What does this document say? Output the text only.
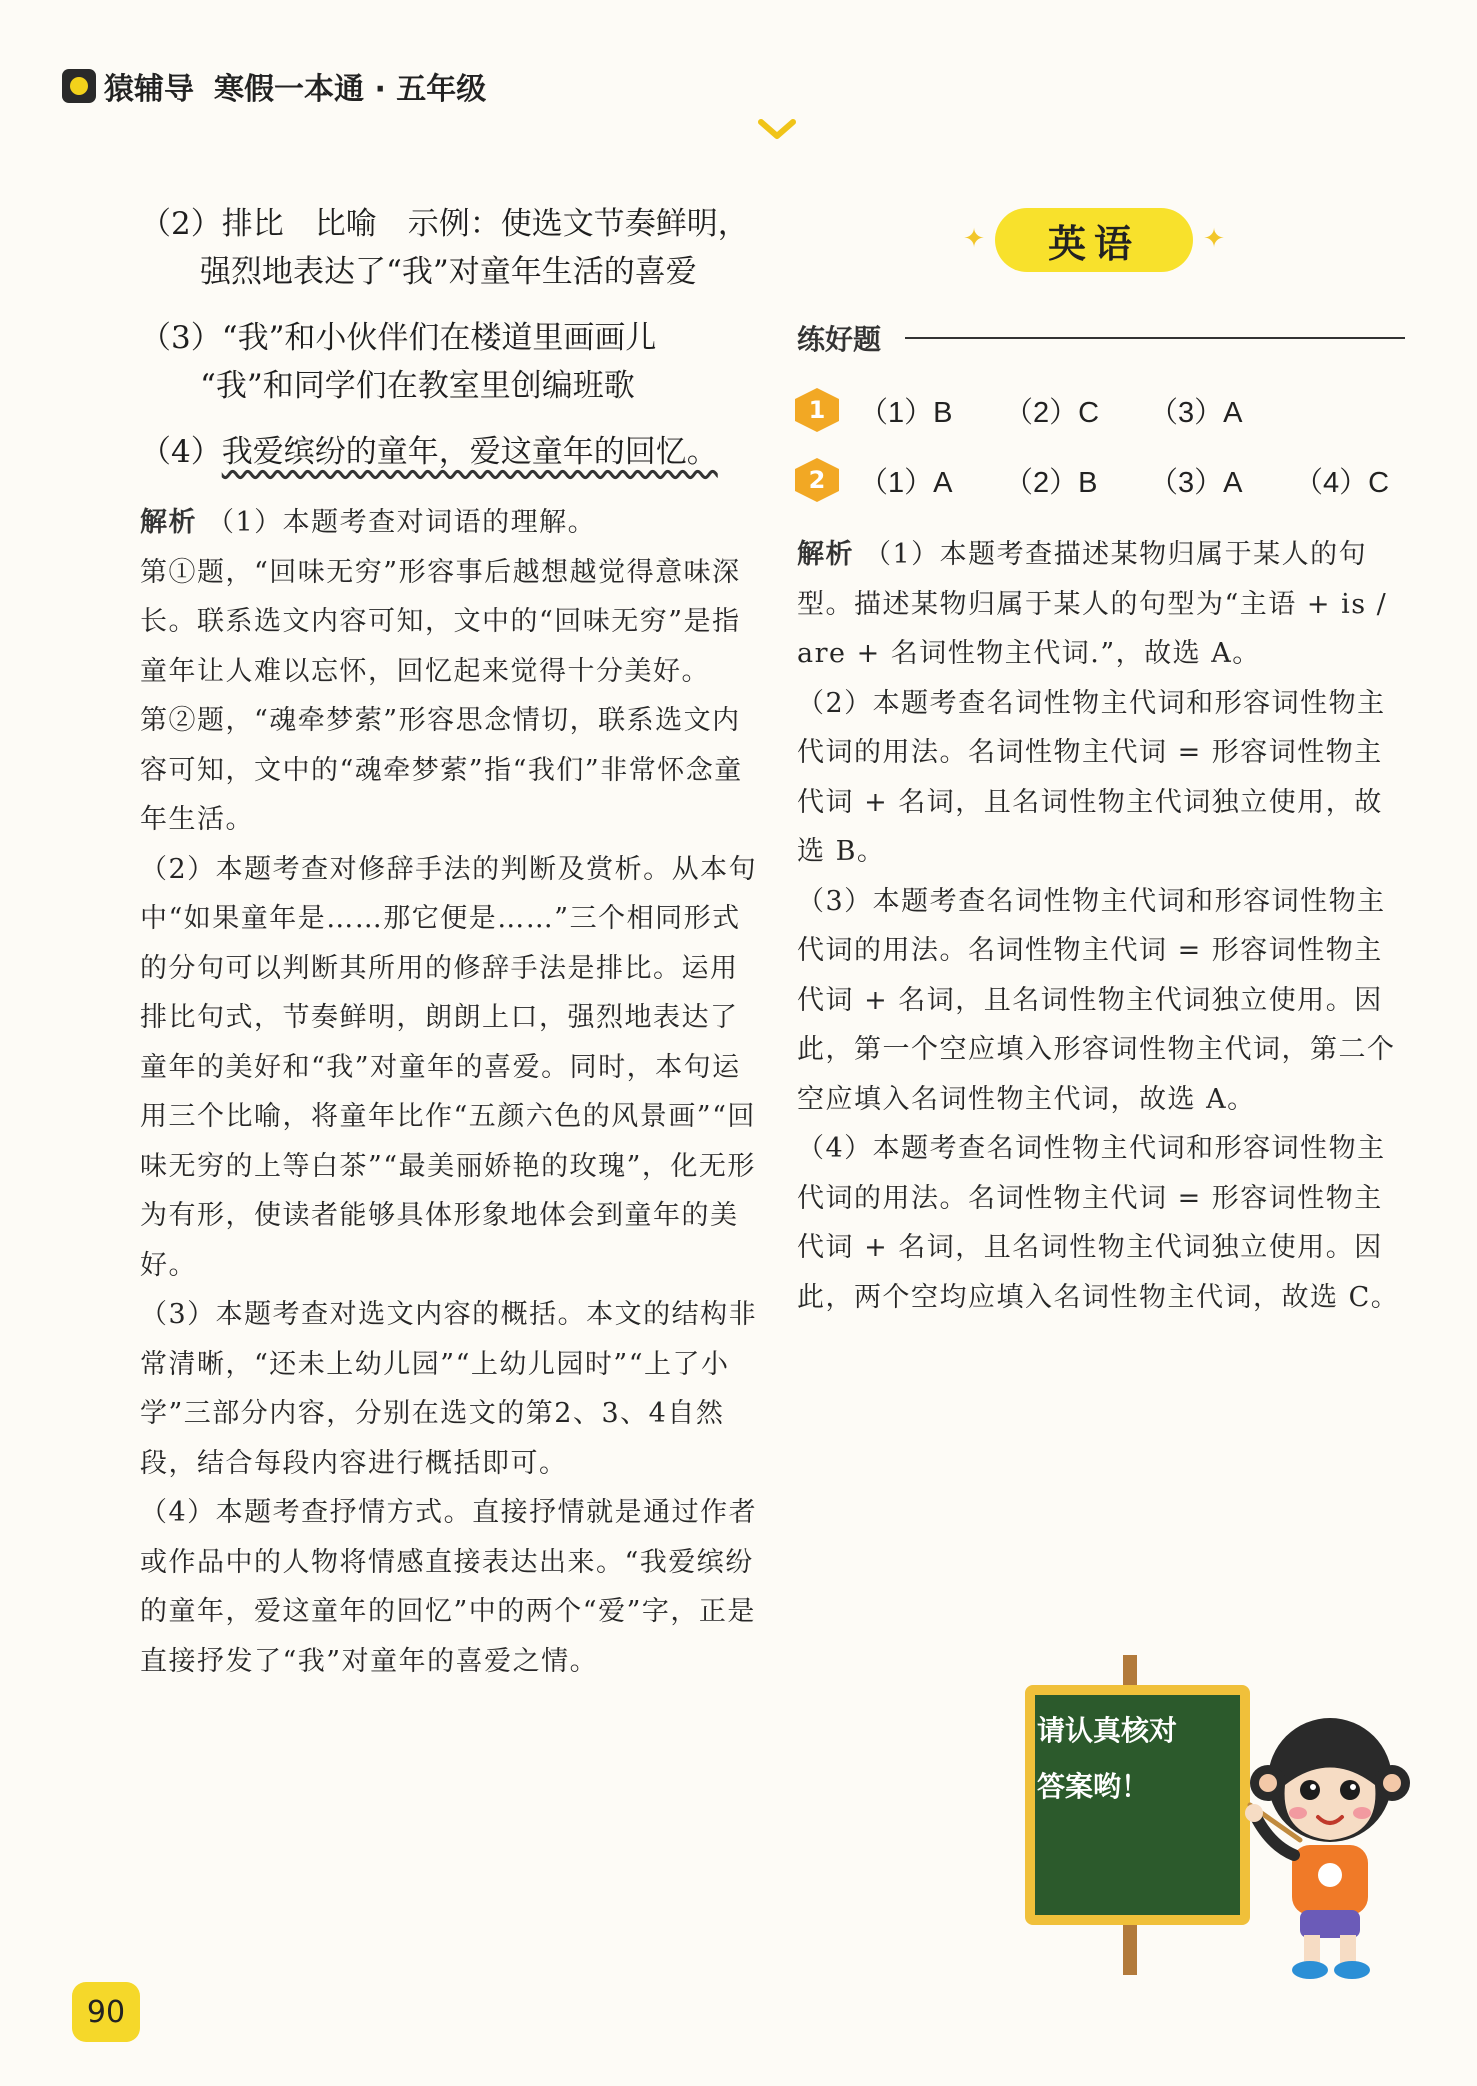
猿辅导 寒假一本通 · 五年级

（2）排比　比喻　示例：使选文节奏鲜明，

强烈地表达了“我”对童年生活的喜爱

（3）“我”和小伙伴们在楼道里画画儿

“我”和同学们在教室里创编班歌

（4）我爱缤纷的童年，爱这童年的回忆。

解析 （1）本题考查对词语的理解。

第①题，“回味无穷”形容事后越想越觉得意味深长。联系选文内容可知，文中的“回味无穷”是指童年让人难以忘怀，回忆起来觉得十分美好。

第②题，“魂牵梦萦”形容思念情切，联系选文内容可知，文中的“魂牵梦萦”指“我们”非常怀念童年生活。

（2）本题考查对修辞手法的判断及赏析。从本句中“如果童年是……那它便是……”三个相同形式的分句可以判断其所用的修辞手法是排比。运用排比句式，节奏鲜明，朗朗上口，强烈地表达了童年的美好和“我”对童年的喜爱。同时，本句运用三个比喻，将童年比作“五颜六色的风景画”“回味无穷的上等白茶”“最美丽娇艳的玫瑰”，化无形为有形，使读者能够具体形象地体会到童年的美好。

（3）本题考查对选文内容的概括。本文的结构非常清晰，“还未上幼儿园”“上幼儿园时”“上了小学”三部分内容，分别在选文的第2、3、4自然段，结合每段内容进行概括即可。

（4）本题考查抒情方式。直接抒情就是通过作者或作品中的人物将情感直接表达出来。“我爱缤纷的童年，爱这童年的回忆”中的两个“爱”字，正是直接抒发了“我”对童年的喜爱之情。

✦	英语	✦
练好题
1	（1）B	（2）C	（3）A
2	（1）A	（2）B	（3）A	（4）C

解析 （1）本题考查描述某物归属于某人的句型。描述某物归属于某人的句型为“主语 + is / are + 名词性物主代词.”，故选 A。

（2）本题考查名词性物主代词和形容词性物主代词的用法。名词性物主代词 = 形容词性物主代词 + 名词，且名词性物主代词独立使用，故选 B。

（3）本题考查名词性物主代词和形容词性物主代词的用法。名词性物主代词 = 形容词性物主代词 + 名词，且名词性物主代词独立使用。因此，第一个空应填入形容词性物主代词，第二个空应填入名词性物主代词，故选 A。

（4）本题考查名词性物主代词和形容词性物主代词的用法。名词性物主代词 = 形容词性物主代词 + 名词，且名词性物主代词独立使用。因此，两个空均应填入名词性物主代词，故选 C。

请认真核对
答案哟！
90
